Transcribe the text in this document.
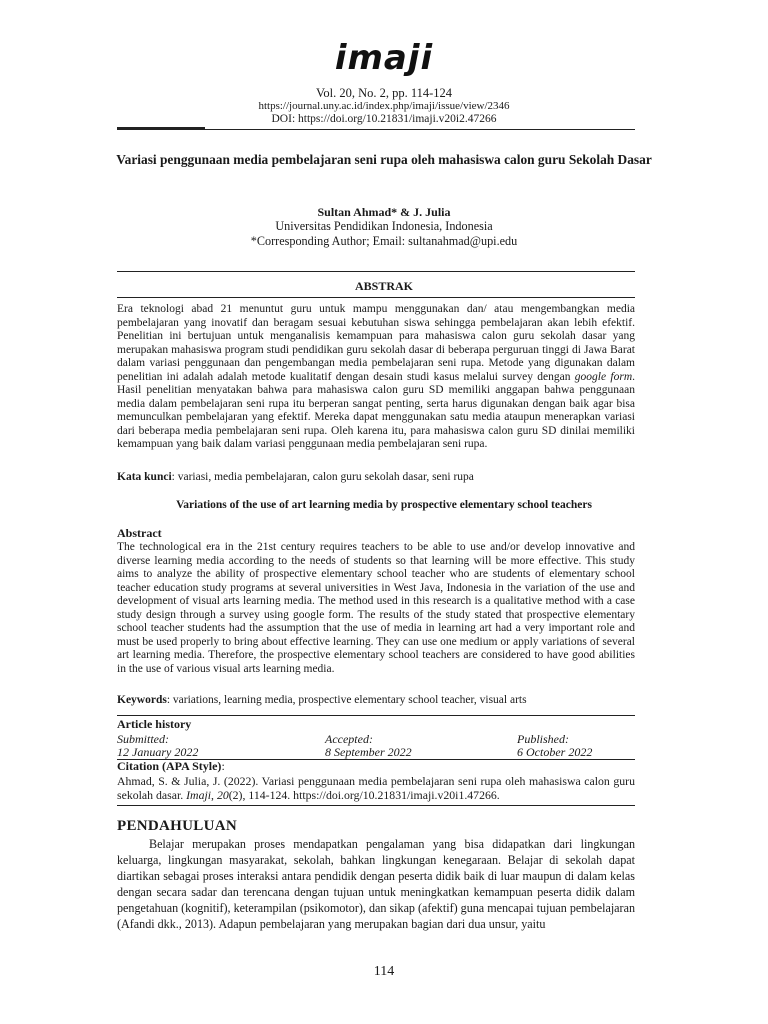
imaji
Vol. 20, No. 2, pp. 114-124
https://journal.uny.ac.id/index.php/imaji/issue/view/2346
DOI: https://doi.org/10.21831/imaji.v20i2.47266
Variasi penggunaan media pembelajaran seni rupa oleh mahasiswa calon guru Sekolah Dasar
Sultan Ahmad* & J. Julia
Universitas Pendidikan Indonesia, Indonesia
*Corresponding Author; Email: sultanahmad@upi.edu
ABSTRAK

Era teknologi abad 21 menuntut guru untuk mampu menggunakan dan/ atau mengembangkan media pembelajaran yang inovatif dan beragam sesuai kebutuhan siswa sehingga pembelajaran akan lebih efektif. Penelitian ini bertujuan untuk menganalisis kemampuan para mahasiswa calon guru sekolah dasar yang merupakan mahasiswa program studi pendidikan guru sekolah dasar di beberapa perguruan tinggi di Jawa Barat dalam variasi penggunaan dan pengembangan media pembelajaran seni rupa. Metode yang digunakan dalam penelitian ini adalah adalah metode kualitatif dengan desain studi kasus melalui survey dengan google form. Hasil penelitian menyatakan bahwa para mahasiswa calon guru SD memiliki anggapan bahwa penggunaan media dalam pembelajaran seni rupa itu berperan sangat penting, serta harus digunakan dengan baik agar bisa memunculkan pembelajaran yang efektif. Mereka dapat menggunakan satu media ataupun menerapkan variasi dari beberapa media pembelajaran seni rupa. Oleh karena itu, para mahasiswa calon guru SD dinilai memiliki kemampuan yang baik dalam variasi penggunaan media pembelajaran seni rupa.

Kata kunci: variasi, media pembelajaran, calon guru sekolah dasar, seni rupa
Variations of the use of art learning media by prospective elementary school teachers
Abstract

The technological era in the 21st century requires teachers to be able to use and/or develop innovative and diverse learning media according to the needs of students so that learning will be more effective. This study aims to analyze the ability of prospective elementary school teacher who are students of elementary school teacher education study programs at several universities in West Java, Indonesia in the variation of the use and development of visual arts learning media. The method used in this research is a qualitative method with a case study design through a survey using google form. The results of the study stated that prospective elementary school teacher students had the assumption that the use of media in learning art had a very important role and must be used properly to bring about effective learning. They can use one medium or apply variations of several art learning media. Therefore, the prospective elementary school teachers are considered to have good abilities in the use of various visual arts learning media.

Keywords: variations, learning media, prospective elementary school teacher, visual arts
Article history
Submitted:
12 January 2022
Accepted:
8 September 2022
Published:
6 October 2022
Citation (APA Style):

Ahmad, S. & Julia, J. (2022). Variasi penggunaan media pembelajaran seni rupa oleh mahasiswa calon guru sekolah dasar. Imaji, 20(2), 114-124. https://doi.org/10.21831/imaji.v20i1.47266.

PENDAHULUAN

Belajar merupakan proses mendapatkan pengalaman yang bisa didapatkan dari lingkungan keluarga, lingkungan masyarakat, sekolah, bahkan lingkungan kenegaraan. Belajar di sekolah dapat diartikan sebagai proses interaksi antara pendidik dengan peserta didik baik di luar maupun di dalam kelas dengan secara sadar dan terencana dengan tujuan untuk meningkatkan kemampuan peserta didik dalam pengetahuan (kognitif), keterampilan (psikomotor), dan sikap (afektif) guna mencapai tujuan pembelajaran (Afandi dkk., 2013). Adapun pembelajaran yang merupakan bagian dari dua unsur, yaitu

114
